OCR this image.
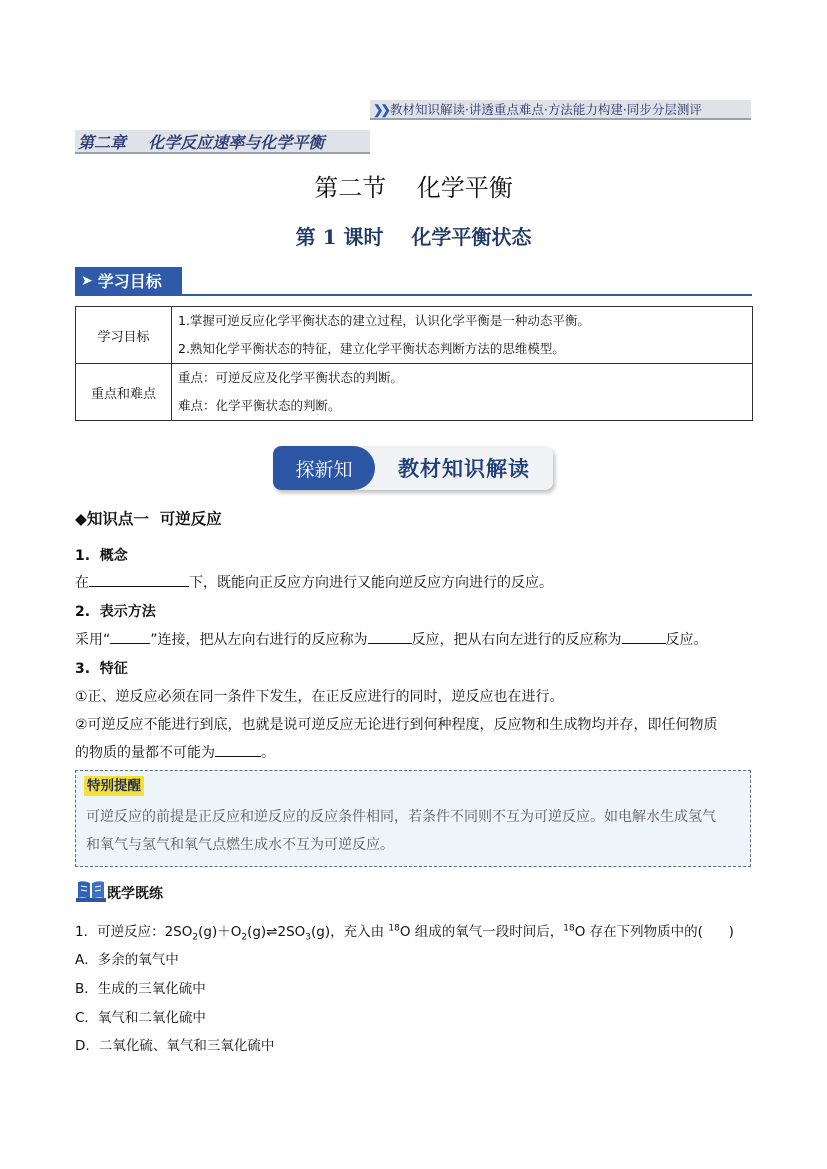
❯❯ 教材知识解读·讲透重点难点·方法能力构建·同步分层测评
第二章    化学反应速率与化学平衡
第二节    化学平衡
第 1 课时    化学平衡状态
➤ 学习目标
学习目标	1.掌握可逆反应化学平衡状态的建立过程，认识化学平衡是一种动态平衡。
2.熟知化学平衡状态的特征，建立化学平衡状态判断方法的思维模型。

重点和难点	重点：可逆反应及化学平衡状态的判断。
难点：化学平衡状态的判断。
探新知	教材知识解读
◆知识点一  可逆反应
1.  概念
在	下，既能向正反应方向进行又能向逆反应方向进行的反应。
2.  表示方法
采用“	”连接，把从左向右进行的反应称为	反应，把从右向左进行的反应称为	反应。
3.  特征
①正、逆反应必须在同一条件下发生，在正反应进行的同时，逆反应也在进行。
②可逆反应不能进行到底，也就是说可逆反应无论进行到何种程度，反应物和生成物均并存，即任何物质
的物质的量都不可能为	。
特别提醒
可逆反应的前提是正反应和逆反应的反应条件相同，若条件不同则不互为可逆反应。如电解水生成氢气
和氧气与氢气和氧气点燃生成水不互为可逆反应。
既学既练
1．可逆反应：$2SO_2(g)+O_2(g)\rightleftharpoons 2SO_3(g)$，充入由 $^{18}$O 组成的氧气一段时间后，$^{18}$O 存在下列物质中的(      )
A．多余的氧气中
B．生成的三氧化硫中
C．氧气和二氧化硫中
D．二氧化硫、氧气和三氧化硫中
